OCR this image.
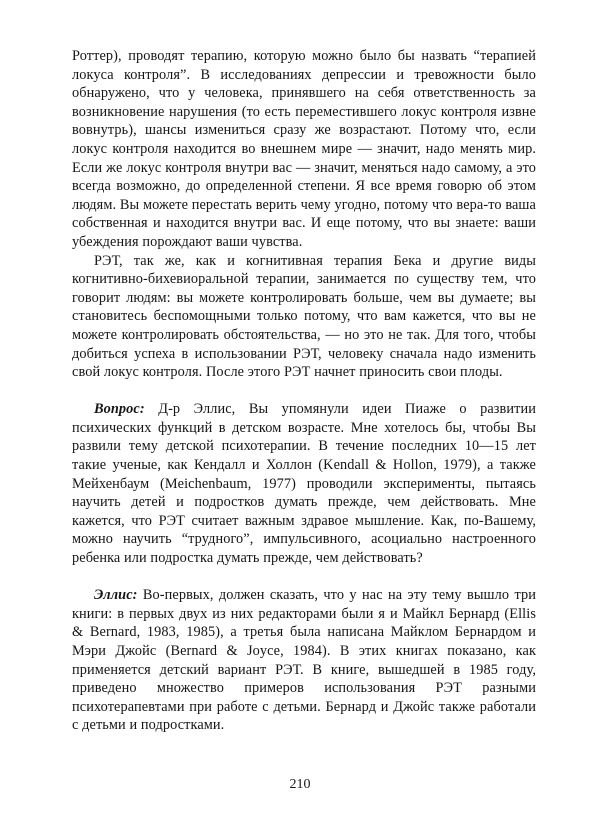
Роттер), проводят терапию, которую можно было бы назвать “терапией локуса контроля”. В исследованиях депрессии и тревожности было обнаружено, что у человека, принявшего на себя ответственность за возникновение нарушения (то есть переместившего локус контроля извне вовнутрь), шансы измениться сразу же возрастают. Потому что, если локус контроля находится во внешнем мире — значит, надо менять мир. Если же локус контроля внутри вас — значит, меняться надо самому, а это всегда возможно, до определенной степени. Я все время говорю об этом людям. Вы можете перестать верить чему угодно, потому что вера-то ваша собственная и находится внутри вас. И еще потому, что вы знаете: ваши убеждения порождают ваши чувства.

РЭТ, так же, как и когнитивная терапия Бека и другие виды когнитивно-бихевиоральной терапии, занимается по существу тем, что говорит людям: вы можете контролировать больше, чем вы думаете; вы становитесь беспомощными только потому, что вам кажется, что вы не можете контролировать обстоятельства, — но это не так. Для того, чтобы добиться успеха в использовании РЭТ, человеку сначала надо изменить свой локус контроля. После этого РЭТ начнет приносить свои плоды.

Вопрос: Д-р Эллис, Вы упомянули идеи Пиаже о развитии психических функций в детском возрасте. Мне хотелось бы, чтобы Вы развили тему детской психотерапии. В течение последних 10—15 лет такие ученые, как Кендалл и Холлон (Kendall & Hollon, 1979), а также Мейхенбаум (Meichenbaum, 1977) проводили эксперименты, пытаясь научить детей и подростков думать прежде, чем действовать. Мне кажется, что РЭТ считает важным здравое мышление. Как, по-Вашему, можно научить “трудного”, импульсивного, асоциально настроенного ребенка или подростка думать прежде, чем действовать?

Эллис: Во-первых, должен сказать, что у нас на эту тему вышло три книги: в первых двух из них редакторами были я и Майкл Бернард (Ellis & Bernard, 1983, 1985), а третья была написана Майклом Бернардом и Мэри Джойс (Bernard & Joyce, 1984). В этих книгах показано, как применяется детский вариант РЭТ. В книге, вышедшей в 1985 году, приведено множество примеров использования РЭТ разными психотерапевтами при работе с детьми. Бернард и Джойс также работали с детьми и подростками.

210
